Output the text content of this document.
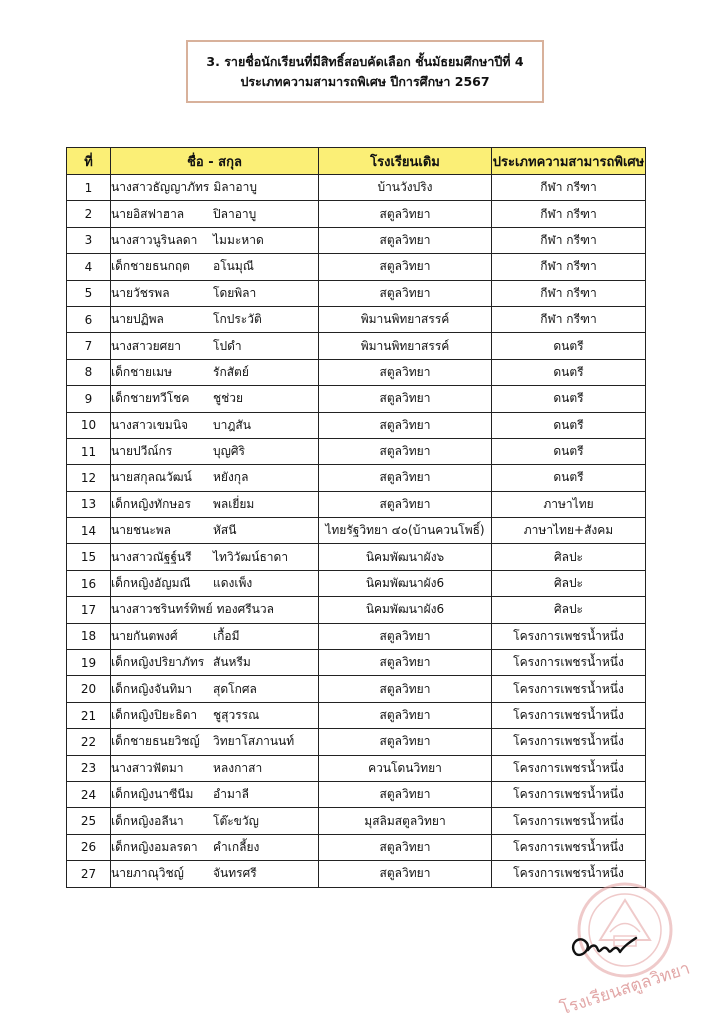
3. รายชื่อนักเรียนที่มีสิทธิ์สอบคัดเลือก ชั้นมัธยมศึกษาปีที่ 4
ประเภทความสามารถพิเศษ ปีการศึกษา 2567
ที่	ชื่อ - สกุล	โรงเรียนเดิม	ประเภทความสามารถพิเศษ
1	นางสาวธัญญาภัทร มิลาอาบู	บ้านวังปริง	กีฬา กรีฑา
2	นายอิสฟาฮาล ปิลาอาบู	สตูลวิทยา	กีฬา กรีฑา
3	นางสาวนูรินลดา ไมมะหาด	สตูลวิทยา	กีฬา กรีฑา
4	เด็กชายธนกฤต อโนมุณี	สตูลวิทยา	กีฬา กรีฑา
5	นายวัชรพล โดยพิลา	สตูลวิทยา	กีฬา กรีฑา
6	นายปฏิพล โกประวัติ	พิมานพิทยาสรรค์	กีฬา กรีฑา
7	นางสาวยศยา โปดำ	พิมานพิทยาสรรค์	ดนตรี
8	เด็กชายเมษ รักสัตย์	สตูลวิทยา	ดนตรี
9	เด็กชายทวีโชค ชูช่วย	สตูลวิทยา	ดนตรี
10	นางสาวเขมนิจ บาฎสัน	สตูลวิทยา	ดนตรี
11	นายปวีณ์กร บุญศิริ	สตูลวิทยา	ดนตรี
12	นายสกุลณวัฒน์ หยังกุล	สตูลวิทยา	ดนตรี
13	เด็กหญิงทักษอร พลเยี่ยม	สตูลวิทยา	ภาษาไทย
14	นายชนะพล หัสนี	ไทยรัฐวิทยา ๔๐(บ้านควนโพธิ์)	ภาษาไทย+สังคม
15	นางสาวณัฐฐ์นรี ไทวิวัฒน์ธาดา	นิคมพัฒนาผัง๖	ศิลปะ
16	เด็กหญิงอัญมณี แดงเพ็ง	นิคมพัฒนาผัง6	ศิลปะ
17	นางสาวชรินทร์ทิพย์ ทองศรีนวล	นิคมพัฒนาผัง6	ศิลปะ
18	นายกันตพงศ์ เกื้อมี	สตูลวิทยา	โครงการเพชรน้ำหนึ่ง
19	เด็กหญิงปริยาภัทร สันหรีม	สตูลวิทยา	โครงการเพชรน้ำหนึ่ง
20	เด็กหญิงจันทิมา สุดโกศล	สตูลวิทยา	โครงการเพชรน้ำหนึ่ง
21	เด็กหญิงปิยะธิดา ชูสุวรรณ	สตูลวิทยา	โครงการเพชรน้ำหนึ่ง
22	เด็กชายธนยวิชญ์ วิทยาโสภานนท์	สตูลวิทยา	โครงการเพชรน้ำหนึ่ง
23	นางสาวฟัตมา หลงกาสา	ควนโดนวิทยา	โครงการเพชรน้ำหนึ่ง
24	เด็กหญิงนาซีนีม อำมาลี	สตูลวิทยา	โครงการเพชรน้ำหนึ่ง
25	เด็กหญิงอลีนา โต๊ะขวัญ	มุสลิมสตูลวิทยา	โครงการเพชรน้ำหนึ่ง
26	เด็กหญิงอมลรดา คำเกลี้ยง	สตูลวิทยา	โครงการเพชรน้ำหนึ่ง
27	นายภาณุวิชญ์ จันทรศรี	สตูลวิทยา	โครงการเพชรน้ำหนึ่ง
โรงเรียนสตูลวิทยา
